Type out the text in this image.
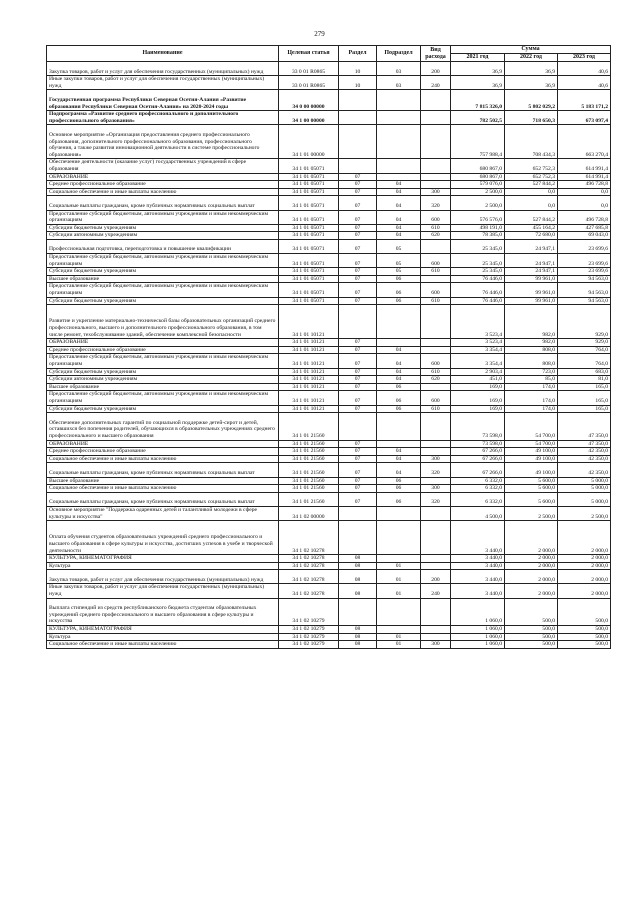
279
Наименование	Целевая статья	Раздел	Подраздел	Вид расхода	Сумма		
					2021 год	2022 год	2023 год
Закупка товаров, работ и услуг для обеспечения государственных (муниципальных) нужд	33 0 01 R0865	10	03	200	36,9	36,9	40,6
Иные закупки товаров, работ и услуг для обеспечения государственных (муниципальных) нужд	33 0 01 R0865	10	03	240	36,9	36,9	40,6
Государственная программа Республики Северная Осетия-Алания «Развитие образования Республики Северная Осетия-Алания» на 2020-2024 годы	34 0 00 00000				7 815 326,0	5 802 029,2	5 183 171,2
Подпрограмма «Развитие среднего профессионального и дополнительного профессионального образования»	34 1 00 00000				782 502,5	718 650,3	673 097,4
Основное мероприятие «Организация предоставления среднего профессионального образования, дополнительного профессионального образования, профессионального обучения, а также развития инновационной деятельности в системе профессионального образования»	34 1 01 00000				757 988,4	708 434,3	663 270,4
Обеспечение деятельности (оказание услуг) государственных учреждений в сфере образования	34 1 01 05071				680 867,0	652 752,3	614 991,4
ОБРАЗОВАНИЕ	34 1 01 05071	07			680 867,0	652 752,3	614 991,4
Среднее профессиональное образование	34 1 01 05071	07	04		579 076,0	527 844,2	496 728,8
Социальное обеспечение и иные выплаты населению	34 1 01 05071	07	04	300	2 500,0	0,0	0,0
Социальные выплаты гражданам, кроме публичных нормативных социальных выплат	34 1 01 05071	07	04	320	2 500,0	0,0	0,0
Предоставление субсидий бюджетным, автономным учреждениям и иным некоммерческим организациям	34 1 01 05071	07	04	600	576 576,0	527 844,2	496 728,8
Субсидии бюджетным учреждениям	34 1 01 05071	07	04	610	498 191,0	455 164,2	427 685,8
Субсидии автономным учреждениям	34 1 01 05071	07	04	620	78 385,0	72 680,0	69 043,0
Профессиональная подготовка, переподготовка и повышение квалификации	34 1 01 05071	07	05		25 345,0	24 947,1	23 699,6
Предоставление субсидий бюджетным, автономным учреждениям и иным некоммерческим организациям	34 1 01 05071	07	05	600	25 345,0	24 947,1	23 699,6
Субсидии бюджетным учреждениям	34 1 01 05071	07	05	610	25 345,0	24 947,1	23 699,6
Высшее образование	34 1 01 05071	07	06		76 446,0	99 961,0	94 563,0
Предоставление субсидий бюджетным, автономным учреждениям и иным некоммерческим организациям	34 1 01 05071	07	06	600	76 446,0	99 961,0	94 563,0
Субсидии бюджетным учреждениям	34 1 01 05071	07	06	610	76 446,0	99 961,0	94 563,0
Развитие и укрепление материально-технической базы образовательных организаций среднего профессионального, высшего и дополнительного профессионального образования, в том числе ремонт, техобслуживание зданий, обеспечение комплексной безопасности	34 1 01 10121				3 523,4	982,0	929,0
ОБРАЗОВАНИЕ	34 1 01 10121	07			3 523,4	982,0	929,0
Среднее профессиональное образование	34 1 01 10121	07	04		3 354,4	808,0	764,0
Предоставление субсидий бюджетным, автономным учреждениям и иным некоммерческим организациям	34 1 01 10121	07	04	600	3 354,4	808,0	764,0
Субсидии бюджетным учреждениям	34 1 01 10121	07	04	610	2 903,4	723,0	683,0
Субсидии автономным учреждениям	34 1 01 10121	07	04	620	451,0	85,0	81,0
Высшее образование	34 1 01 10121	07	06		169,0	174,0	165,0
Предоставление субсидий бюджетным, автономным учреждениям и иным некоммерческим организациям	34 1 01 10121	07	06	600	169,0	174,0	165,0
Субсидии бюджетным учреждениям	34 1 01 10121	07	06	610	169,0	174,0	165,0
Обеспечение дополнительных гарантий по социальной поддержке детей-сирот и детей, оставшихся без попечения родителей, обучающихся в образовательных учреждениях среднего профессионального и высшего образования	34 1 01 21560				73 598,0	54 700,0	47 350,0
ОБРАЗОВАНИЕ	34 1 01 21560	07			73 598,0	54 700,0	47 350,0
Среднее профессиональное образование	34 1 01 21560	07	04		67 266,0	49 100,0	42 350,0
Социальное обеспечение и иные выплаты населению	34 1 01 21560	07	04	300	67 266,0	49 100,0	42 350,0
Социальные выплаты гражданам, кроме публичных нормативных социальных выплат	34 1 01 21560	07	04	320	67 266,0	49 100,0	42 350,0
Высшее образование	34 1 01 21560	07	06		6 332,0	5 600,0	5 000,0
Социальное обеспечение и иные выплаты населению	34 1 01 21560	07	06	300	6 332,0	5 600,0	5 000,0
Социальные выплаты гражданам, кроме публичных нормативных социальных выплат	34 1 01 21560	07	06	320	6 332,0	5 600,0	5 000,0
Основное мероприятие "Поддержка одаренных детей и талантливой молодежи в сфере культуры и искусства"	34 1 02 00000				4 500,0	2 500,0	2 500,0
Оплата обучения студентов образовательных учреждений среднего профессионального и высшего образования в сфере культуры и искусства, достигших успехов в учебе и творческой деятельности	34 1 02 10278				3 440,0	2 000,0	2 000,0
КУЛЬТУРА, КИНЕМАТОГРАФИЯ	34 1 02 10278	08			3 440,0	2 000,0	2 000,0
Культура	34 1 02 10278	08	01		3 440,0	2 000,0	2 000,0
Закупка товаров, работ и услуг для обеспечения государственных (муниципальных) нужд	34 1 02 10278	08	01	200	3 440,0	2 000,0	2 000,0
Иные закупки товаров, работ и услуг для обеспечения государственных (муниципальных) нужд	34 1 02 10278	08	01	240	3 440,0	2 000,0	2 000,0
Выплата стипендий из средств республиканского бюджета студентам образовательных учреждений среднего профессионального и высшего образования в сфере культуры и искусства	34 1 02 10279				1 060,0	500,0	500,0
КУЛЬТУРА, КИНЕМАТОГРАФИЯ	34 1 02 10279	08			1 060,0	500,0	500,0
Культура	34 1 02 10279	08	01		1 060,0	500,0	500,0
Социальное обеспечение и иные выплаты населению	34 1 02 10279	08	01	300	1 060,0	500,0	500,0
